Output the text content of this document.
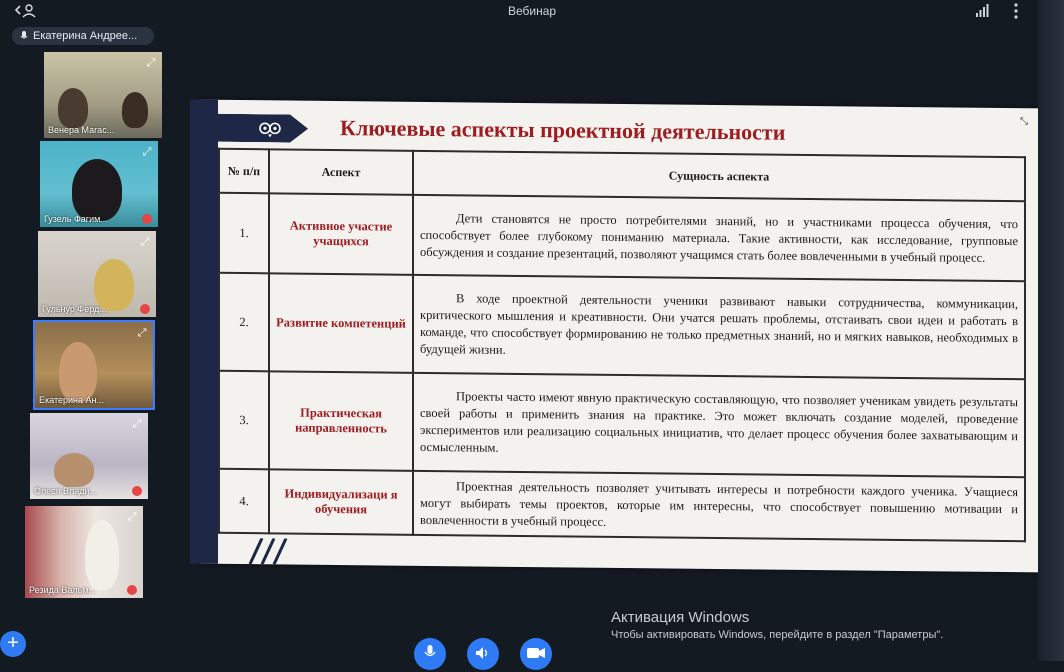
Вебинар
Екатерина Андрее...
⤢
Венера Магас...
⤢
Гузель Фагим...
⤢
Гульнур Ферд...
⤢
Екатерина Ан...
⤢
Олеся Влади...
⤢
Резида Вальм...
Ключевые аспекты проектной деятельности	⤡
№ п/п	Аспект	Сущность аспекта
1.	Активное участие учащихся	Дети становятся не просто потребителями знаний, но и участниками процесса обучения, что способствует более глубокому пониманию материала. Такие активности, как исследование, групповые обсуждения и создание презентаций, позволяют учащимся стать более вовлеченными в учебный процесс.
2.	Развитие компетенций	В ходе проектной деятельности ученики развивают навыки сотрудничества, коммуникации, критического мышления и креативности. Они учатся решать проблемы, отстаивать свои идеи и работать в команде, что способствует формированию не только предметных знаний, но и мягких навыков, необходимых в будущей жизни.
3.	Практическая направленность	Проекты часто имеют явную практическую составляющую, что позволяет ученикам увидеть результаты своей работы и применить знания на практике. Это может включать создание моделей, проведение экспериментов или реализацию социальных инициатив, что делает процесс обучения более захватывающим и осмысленным.
4.	Индивидуализаци я обучения	Проектная деятельность позволяет учитывать интересы и потребности каждого ученика. Учащиеся могут выбирать темы проектов, которые им интересны, что способствует повышению мотивации и вовлеченности в учебный процесс.
Активация Windows
Чтобы активировать Windows, перейдите в раздел "Параметры".
+
